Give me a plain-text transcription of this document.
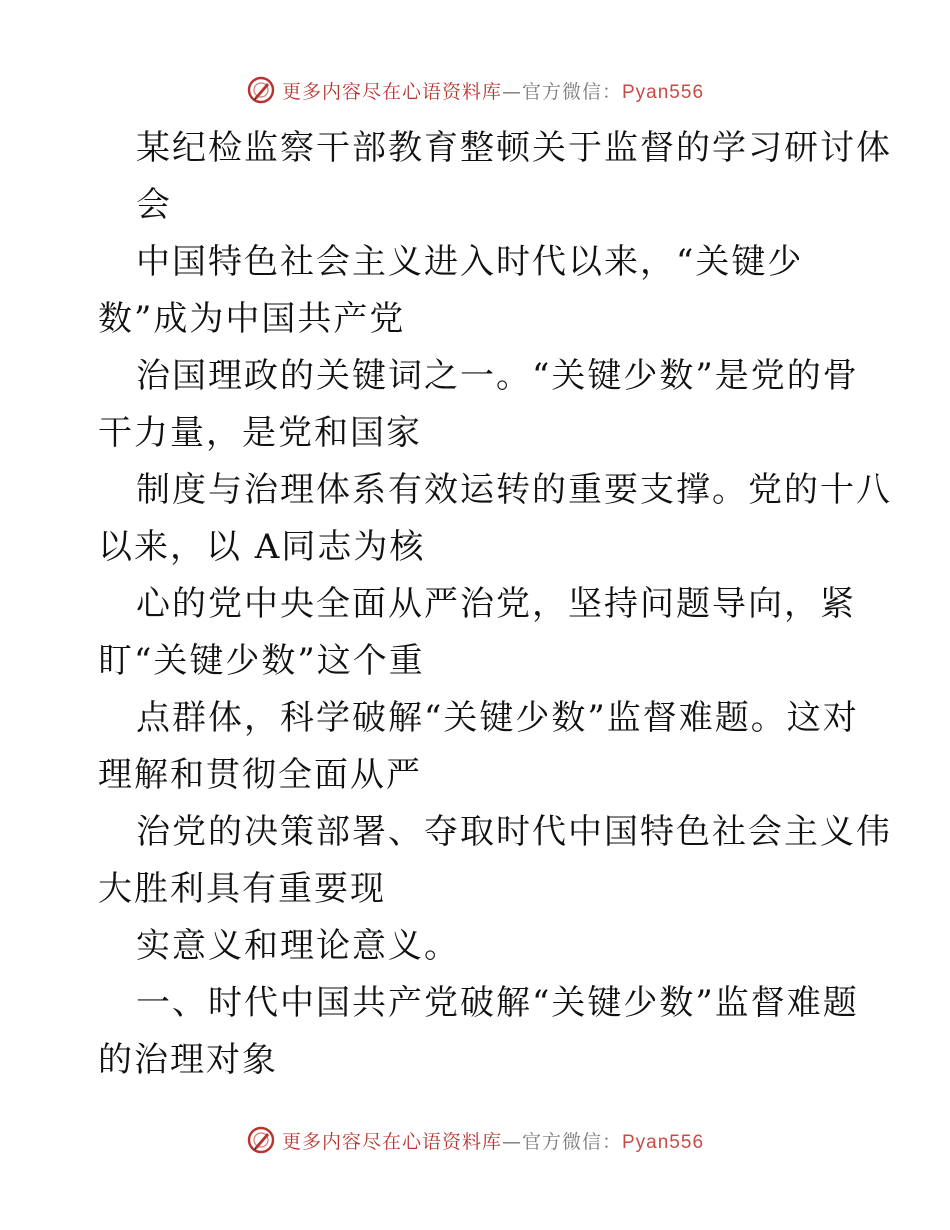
更多内容尽在心语资料库—官方微信：Pyan556
某纪检监察干部教育整顿关于监督的学习研讨体
会
中国特色社会主义进入时代以来，“关键少
数”成为中国共产党
治国理政的关键词之一。“关键少数”是党的骨
干力量，是党和国家
制度与治理体系有效运转的重要支撑。党的十八
以来，以 A同志为核
心的党中央全面从严治党，坚持问题导向，紧
盯“关键少数”这个重
点群体，科学破解“关键少数”监督难题。这对
理解和贯彻全面从严
治党的决策部署、夺取时代中国特色社会主义伟
大胜利具有重要现
实意义和理论意义。
一、时代中国共产党破解“关键少数”监督难题
的治理对象
更多内容尽在心语资料库—官方微信：Pyan556
